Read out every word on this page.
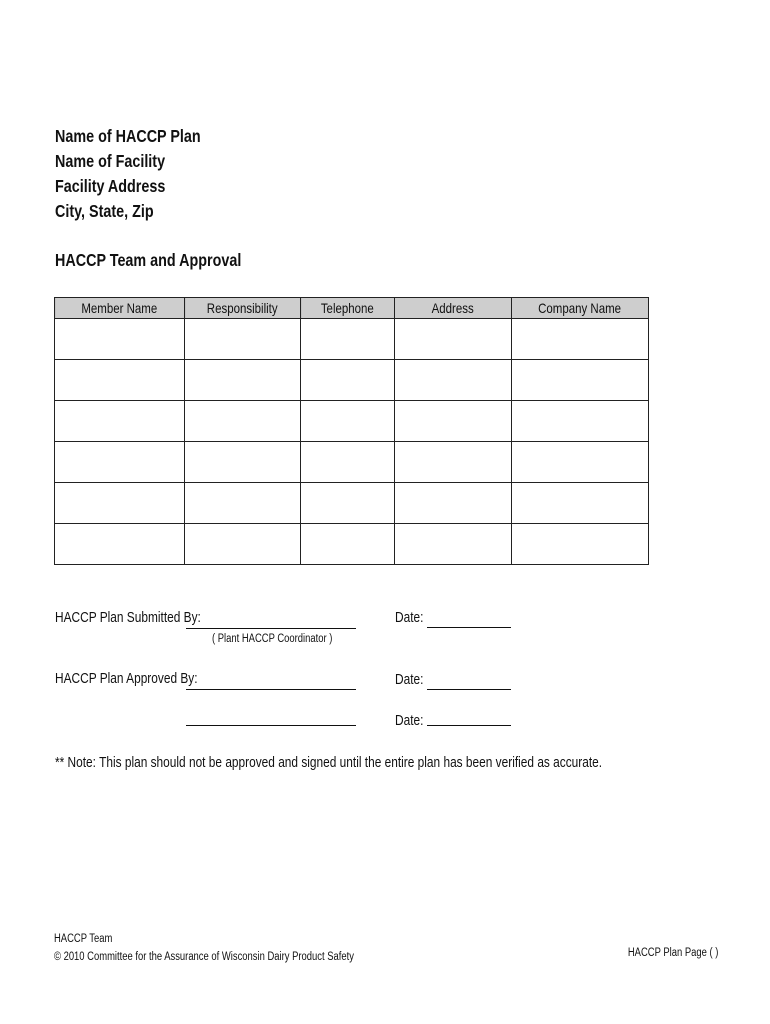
Name of HACCP Plan
Name of Facility
Facility Address
City, State, Zip
HACCP Team and Approval
Member Name	Responsibility	Telephone	Address	Company Name

HACCP Plan Submitted By:
( Plant HACCP Coordinator )
Date:
HACCP Plan Approved By:	Date:
Date:
** Note: This plan should not be approved and signed until the entire plan has been verified as accurate.
HACCP Team
© 2010 Committee for the Assurance of Wisconsin Dairy Product Safety	HACCP Plan Page ( )
